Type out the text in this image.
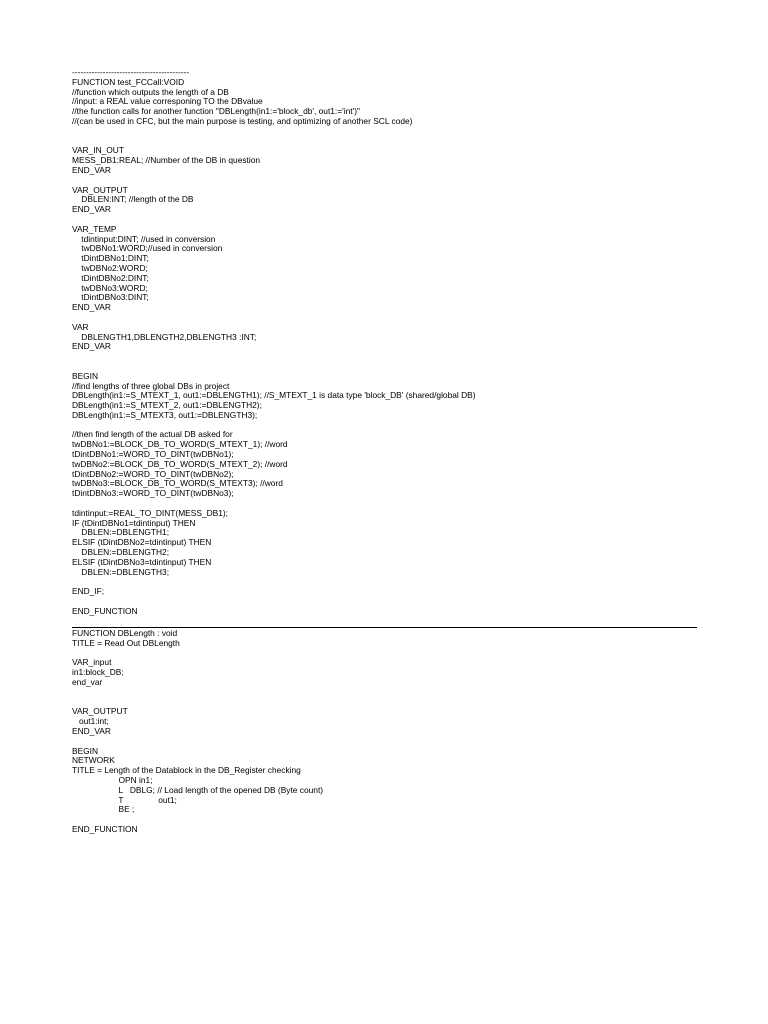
------------------------------------------
FUNCTION test_FCCall:VOID
//function which outputs the length of a DB
//input: a REAL value corresponing TO the DBvalue
//the function calls for another function "DBLength(in1:='block_db', out1:='int')"
//(can be used in CFC, but the main purpose is testing, and optimizing of another SCL code)

VAR_IN_OUT
MESS_DB1:REAL; //Number of the DB in question
END_VAR

VAR_OUTPUT
DBLEN:INT; //length of the DB
END_VAR

VAR_TEMP
tdintinput:DINT; //used in conversion
twDBNo1:WORD;//used in conversion
tDintDBNo1:DINT;
twDBNo2:WORD;
tDintDBNo2:DINT;
twDBNo3:WORD;
tDintDBNo3:DINT;
END_VAR

VAR
DBLENGTH1,DBLENGTH2,DBLENGTH3 :INT;
END_VAR

BEGIN
//find lengths of three global DBs in project
DBLength(in1:=S_MTEXT_1, out1:=DBLENGTH1); //S_MTEXT_1 is data type 'block_DB' (shared/global DB)
DBLength(in1:=S_MTEXT_2, out1:=DBLENGTH2);
DBLength(in1:=S_MTEXT3, out1:=DBLENGTH3);

//then find length of the actual DB asked for
twDBNo1:=BLOCK_DB_TO_WORD(S_MTEXT_1); //word
tDintDBNo1:=WORD_TO_DINT(twDBNo1);
twDBNo2:=BLOCK_DB_TO_WORD(S_MTEXT_2); //word
tDintDBNo2:=WORD_TO_DINT(twDBNo2);
twDBNo3:=BLOCK_DB_TO_WORD(S_MTEXT3); //word
tDintDBNo3:=WORD_TO_DINT(twDBNo3);

tdintinput:=REAL_TO_DINT(MESS_DB1);
IF (tDintDBNo1=tdintinput) THEN
DBLEN:=DBLENGTH1;
ELSIF (tDintDBNo2=tdintinput) THEN
DBLEN:=DBLENGTH2;
ELSIF (tDintDBNo3=tdintinput) THEN
DBLEN:=DBLENGTH3;

END_IF;

END_FUNCTION
FUNCTION DBLength : void
TITLE = Read Out DBLength

VAR_input
in1:block_DB;
end_var

VAR_OUTPUT
out1:int;
END_VAR

BEGIN
NETWORK
TITLE = Length of the Datablock in the DB_Register checking
OPN in1;
L   DBLG; // Load length of the opened DB (Byte count)
T               out1;
BE ;

END_FUNCTION
